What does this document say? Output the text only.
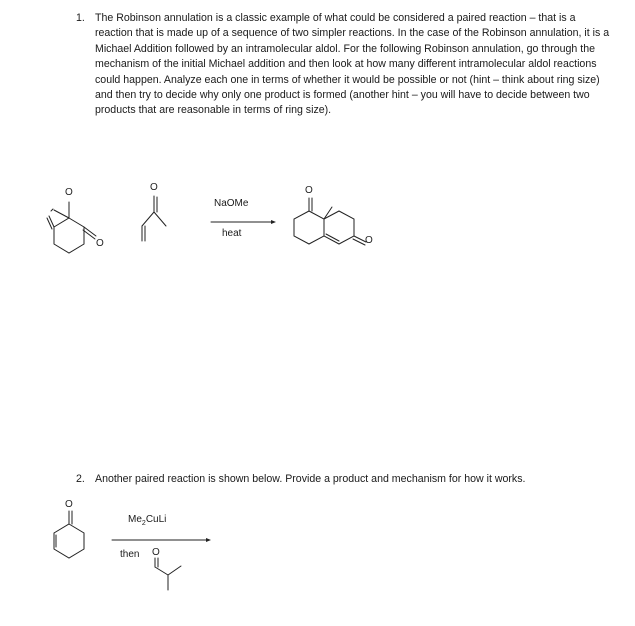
1. The Robinson annulation is a classic example of what could be considered a paired reaction – that is a reaction that is made up of a sequence of two simpler reactions. In the case of the Robinson annulation, it is a Michael Addition followed by an intramolecular aldol. For the following Robinson annulation, go through the mechanism of the initial Michael addition and then look at how many different intramolecular aldol reactions could happen. Analyze each one in terms of whether it would be possible or not (hint – think about ring size) and then try to decide why only one product is formed (another hint – you will have to decide between two products that are reasonable in terms of ring size).
2. Another paired reaction is shown below. Provide a product and mechanism for how it works.
NaOMe
heat
$Me_2CuLi$
then
O
O
O	O
O
O
O
